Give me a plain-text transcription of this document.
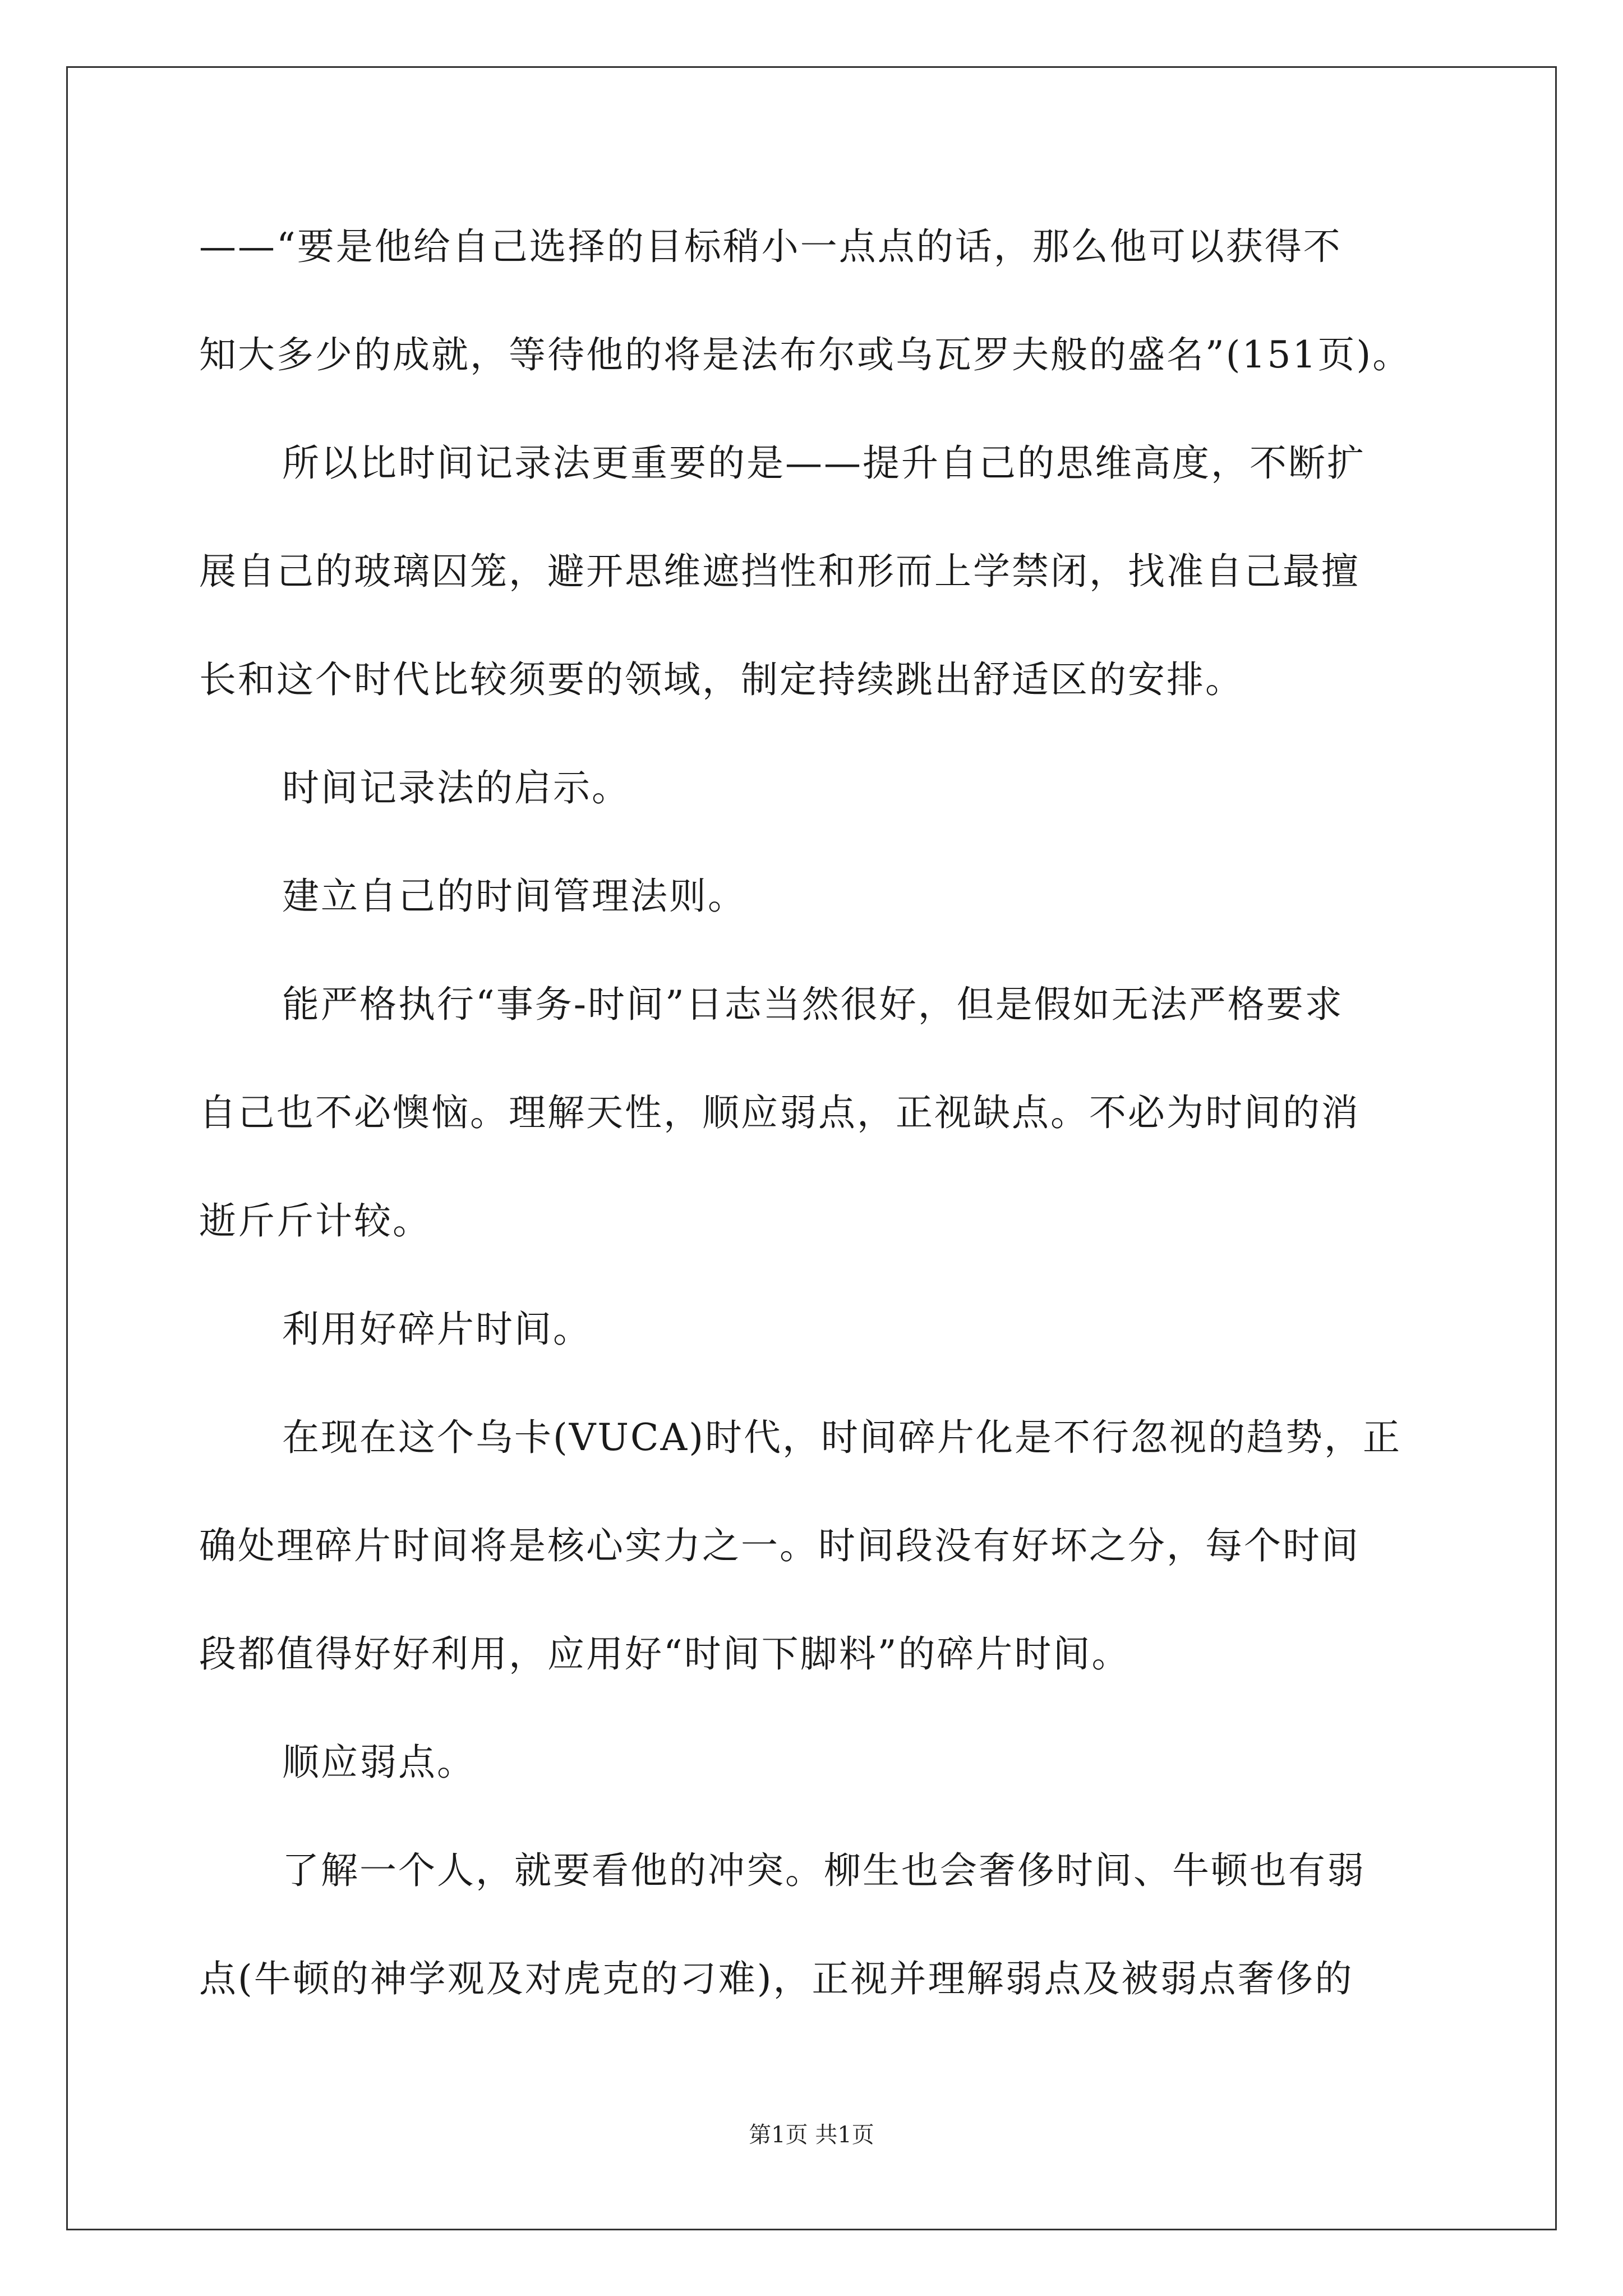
——“要是他给自己选择的目标稍小一点点的话，那么他可以获得不
知大多少的成就，等待他的将是法布尔或乌瓦罗夫般的盛名”(151页)。
所以比时间记录法更重要的是——提升自己的思维高度，不断扩
展自己的玻璃囚笼，避开思维遮挡性和形而上学禁闭，找准自己最擅
长和这个时代比较须要的领域，制定持续跳出舒适区的安排。
时间记录法的启示。
建立自己的时间管理法则。
能严格执行“事务-时间”日志当然很好，但是假如无法严格要求
自己也不必懊恼。理解天性，顺应弱点，正视缺点。不必为时间的消
逝斤斤计较。
利用好碎片时间。
在现在这个乌卡(VUCA)时代，时间碎片化是不行忽视的趋势，正
确处理碎片时间将是核心实力之一。时间段没有好坏之分，每个时间
段都值得好好利用，应用好“时间下脚料”的碎片时间。
顺应弱点。
了解一个人，就要看他的冲突。柳生也会奢侈时间、牛顿也有弱
点(牛顿的神学观及对虎克的刁难)，正视并理解弱点及被弱点奢侈的
第1页 共1页
